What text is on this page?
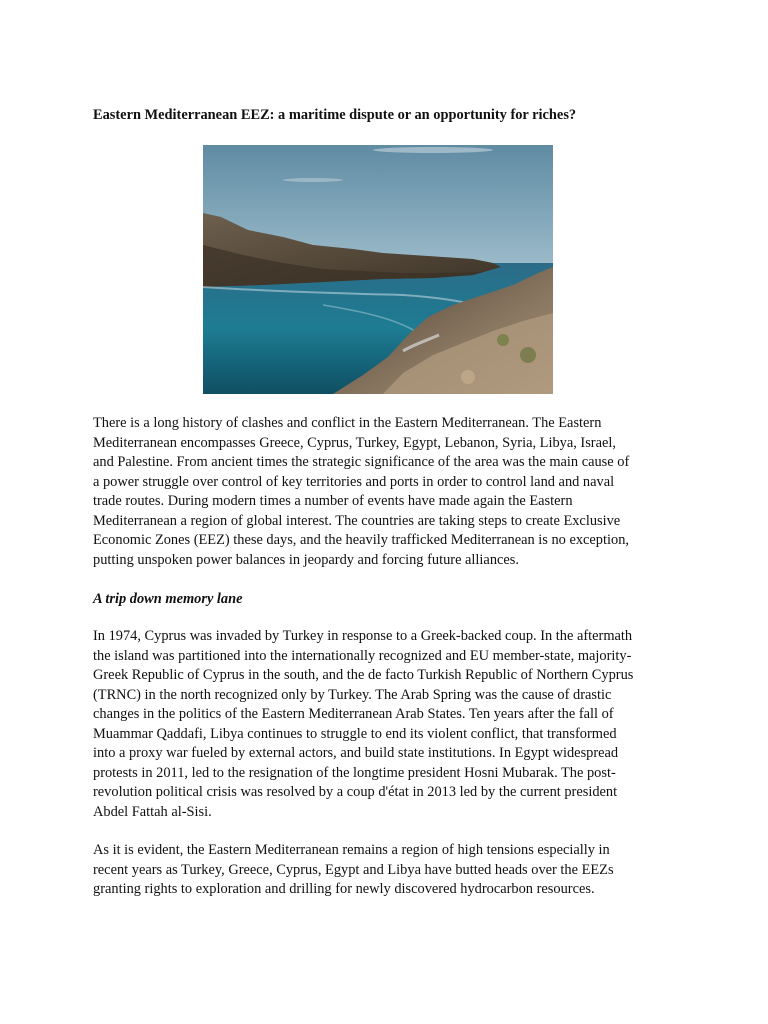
Eastern Mediterranean EEZ: a maritime dispute or an opportunity for riches?

There is a long history of clashes and conflict in the Eastern Mediterranean. The Eastern
Mediterranean encompasses Greece, Cyprus, Turkey, Egypt, Lebanon, Syria, Libya, Israel,
and Palestine. From ancient times the strategic significance of the area was the main cause of
a power struggle over control of key territories and ports in order to control land and naval
trade routes. During modern times a number of events have made again the Eastern
Mediterranean a region of global interest. The countries are taking steps to create Exclusive
Economic Zones (EEZ) these days, and the heavily trafficked Mediterranean is no exception,
putting unspoken power balances in jeopardy and forcing future alliances.

A trip down memory lane

In 1974, Cyprus was invaded by Turkey in response to a Greek-backed coup. In the aftermath
the island was partitioned into the internationally recognized and EU member-state, majority-
Greek Republic of Cyprus in the south, and the de facto Turkish Republic of Northern Cyprus
(TRNC) in the north recognized only by Turkey. The Arab Spring was the cause of drastic
changes in the politics of the Eastern Mediterranean Arab States. Ten years after the fall of
Muammar Qaddafi, Libya continues to struggle to end its violent conflict, that transformed
into a proxy war fueled by external actors, and build state institutions. In Egypt widespread
protests in 2011, led to the resignation of the longtime president Hosni Mubarak. The post-
revolution political crisis was resolved by a coup d'état in 2013 led by the current president
Abdel Fattah al-Sisi.

As it is evident, the Eastern Mediterranean remains a region of high tensions especially in
recent years as Turkey, Greece, Cyprus, Egypt and Libya have butted heads over the EEZs
granting rights to exploration and drilling for newly discovered hydrocarbon resources.
